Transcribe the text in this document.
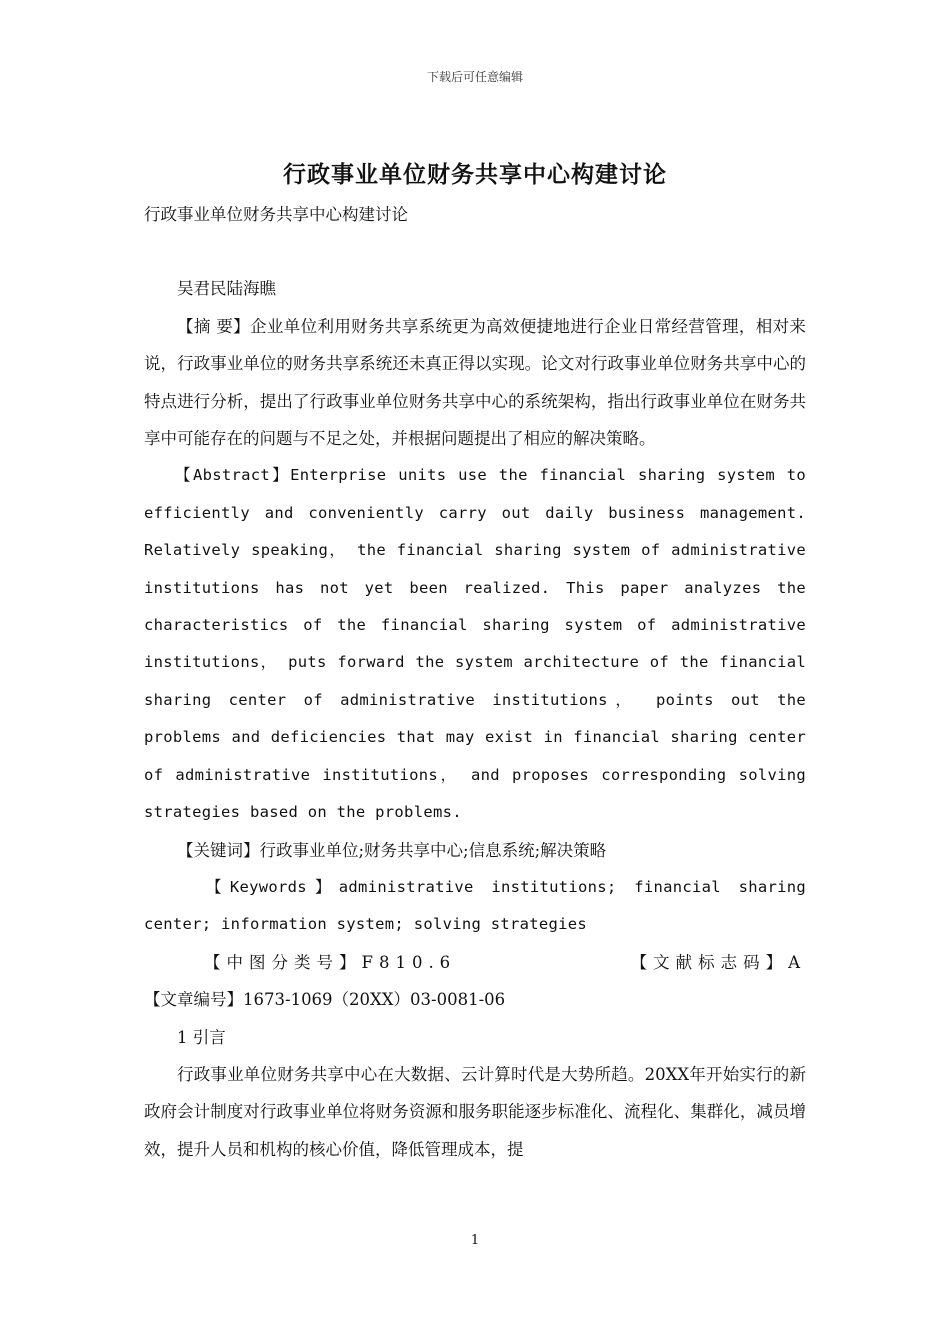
下载后可任意编辑
行政事业单位财务共享中心构建讨论

行政事业单位财务共享中心构建讨论

吴君民陆海瞧

【摘 要】企业单位利用财务共享系统更为高效便捷地进行企业日常经营管理，相对来说，行政事业单位的财务共享系统还未真正得以实现。论文对行政事业单位财务共享中心的特点进行分析，提出了行政事业单位财务共享中心的系统架构，指出行政事业单位在财务共享中可能存在的问题与不足之处，并根据问题提出了相应的解决策略。

【Abstract】Enterprise units use the financial sharing system to efficiently and conveniently carry out daily business management. Relatively speaking， the financial sharing system of administrative institutions has not yet been realized. This paper analyzes the characteristics of the financial sharing system of administrative institutions， puts forward the system architecture of the financial sharing center of administrative institutions， points out the problems and deficiencies that may exist in financial sharing center of administrative institutions， and proposes corresponding solving strategies based on the problems.

【关键词】行政事业单位;财务共享中心;信息系统;解决策略

【Keywords】administrative institutions; financial sharing center; information system; solving strategies

【中图分类号】F810.6	【文献标志码】A

【文章编号】1673-1069（20XX）03-0081-06

1 引言

行政事业单位财务共享中心在大数据、云计算时代是大势所趋。20XX年开始实行的新政府会计制度对行政事业单位将财务资源和服务职能逐步标准化、流程化、集群化，减员增效，提升人员和机构的核心价值，降低管理成本，提

1
